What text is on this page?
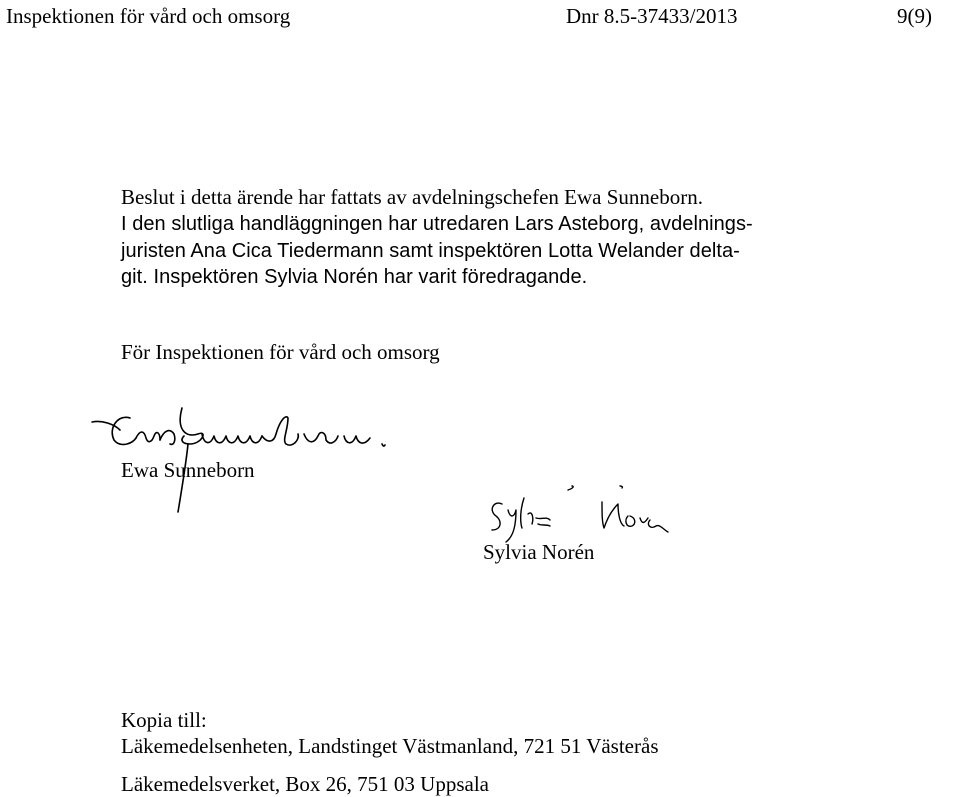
Inspektionen för vård och omsorg	Dnr 8.5-37433/2013	9(9)
Beslut i detta ärende har fattats av avdelningschefen Ewa Sunneborn.
I den slutliga handläggningen har utredaren Lars Asteborg, avdelnings-
juristen Ana Cica Tiedermann samt inspektören Lotta Welander delta-
git. Inspektören Sylvia Norén har varit föredragande.
För Inspektionen för vård och omsorg
Ewa Sunneborn
Sylvia Norén
Kopia till:
Läkemedelsenheten, Landstinget Västmanland, 721 51 Västerås
Läkemedelsverket, Box 26, 751 03 Uppsala
